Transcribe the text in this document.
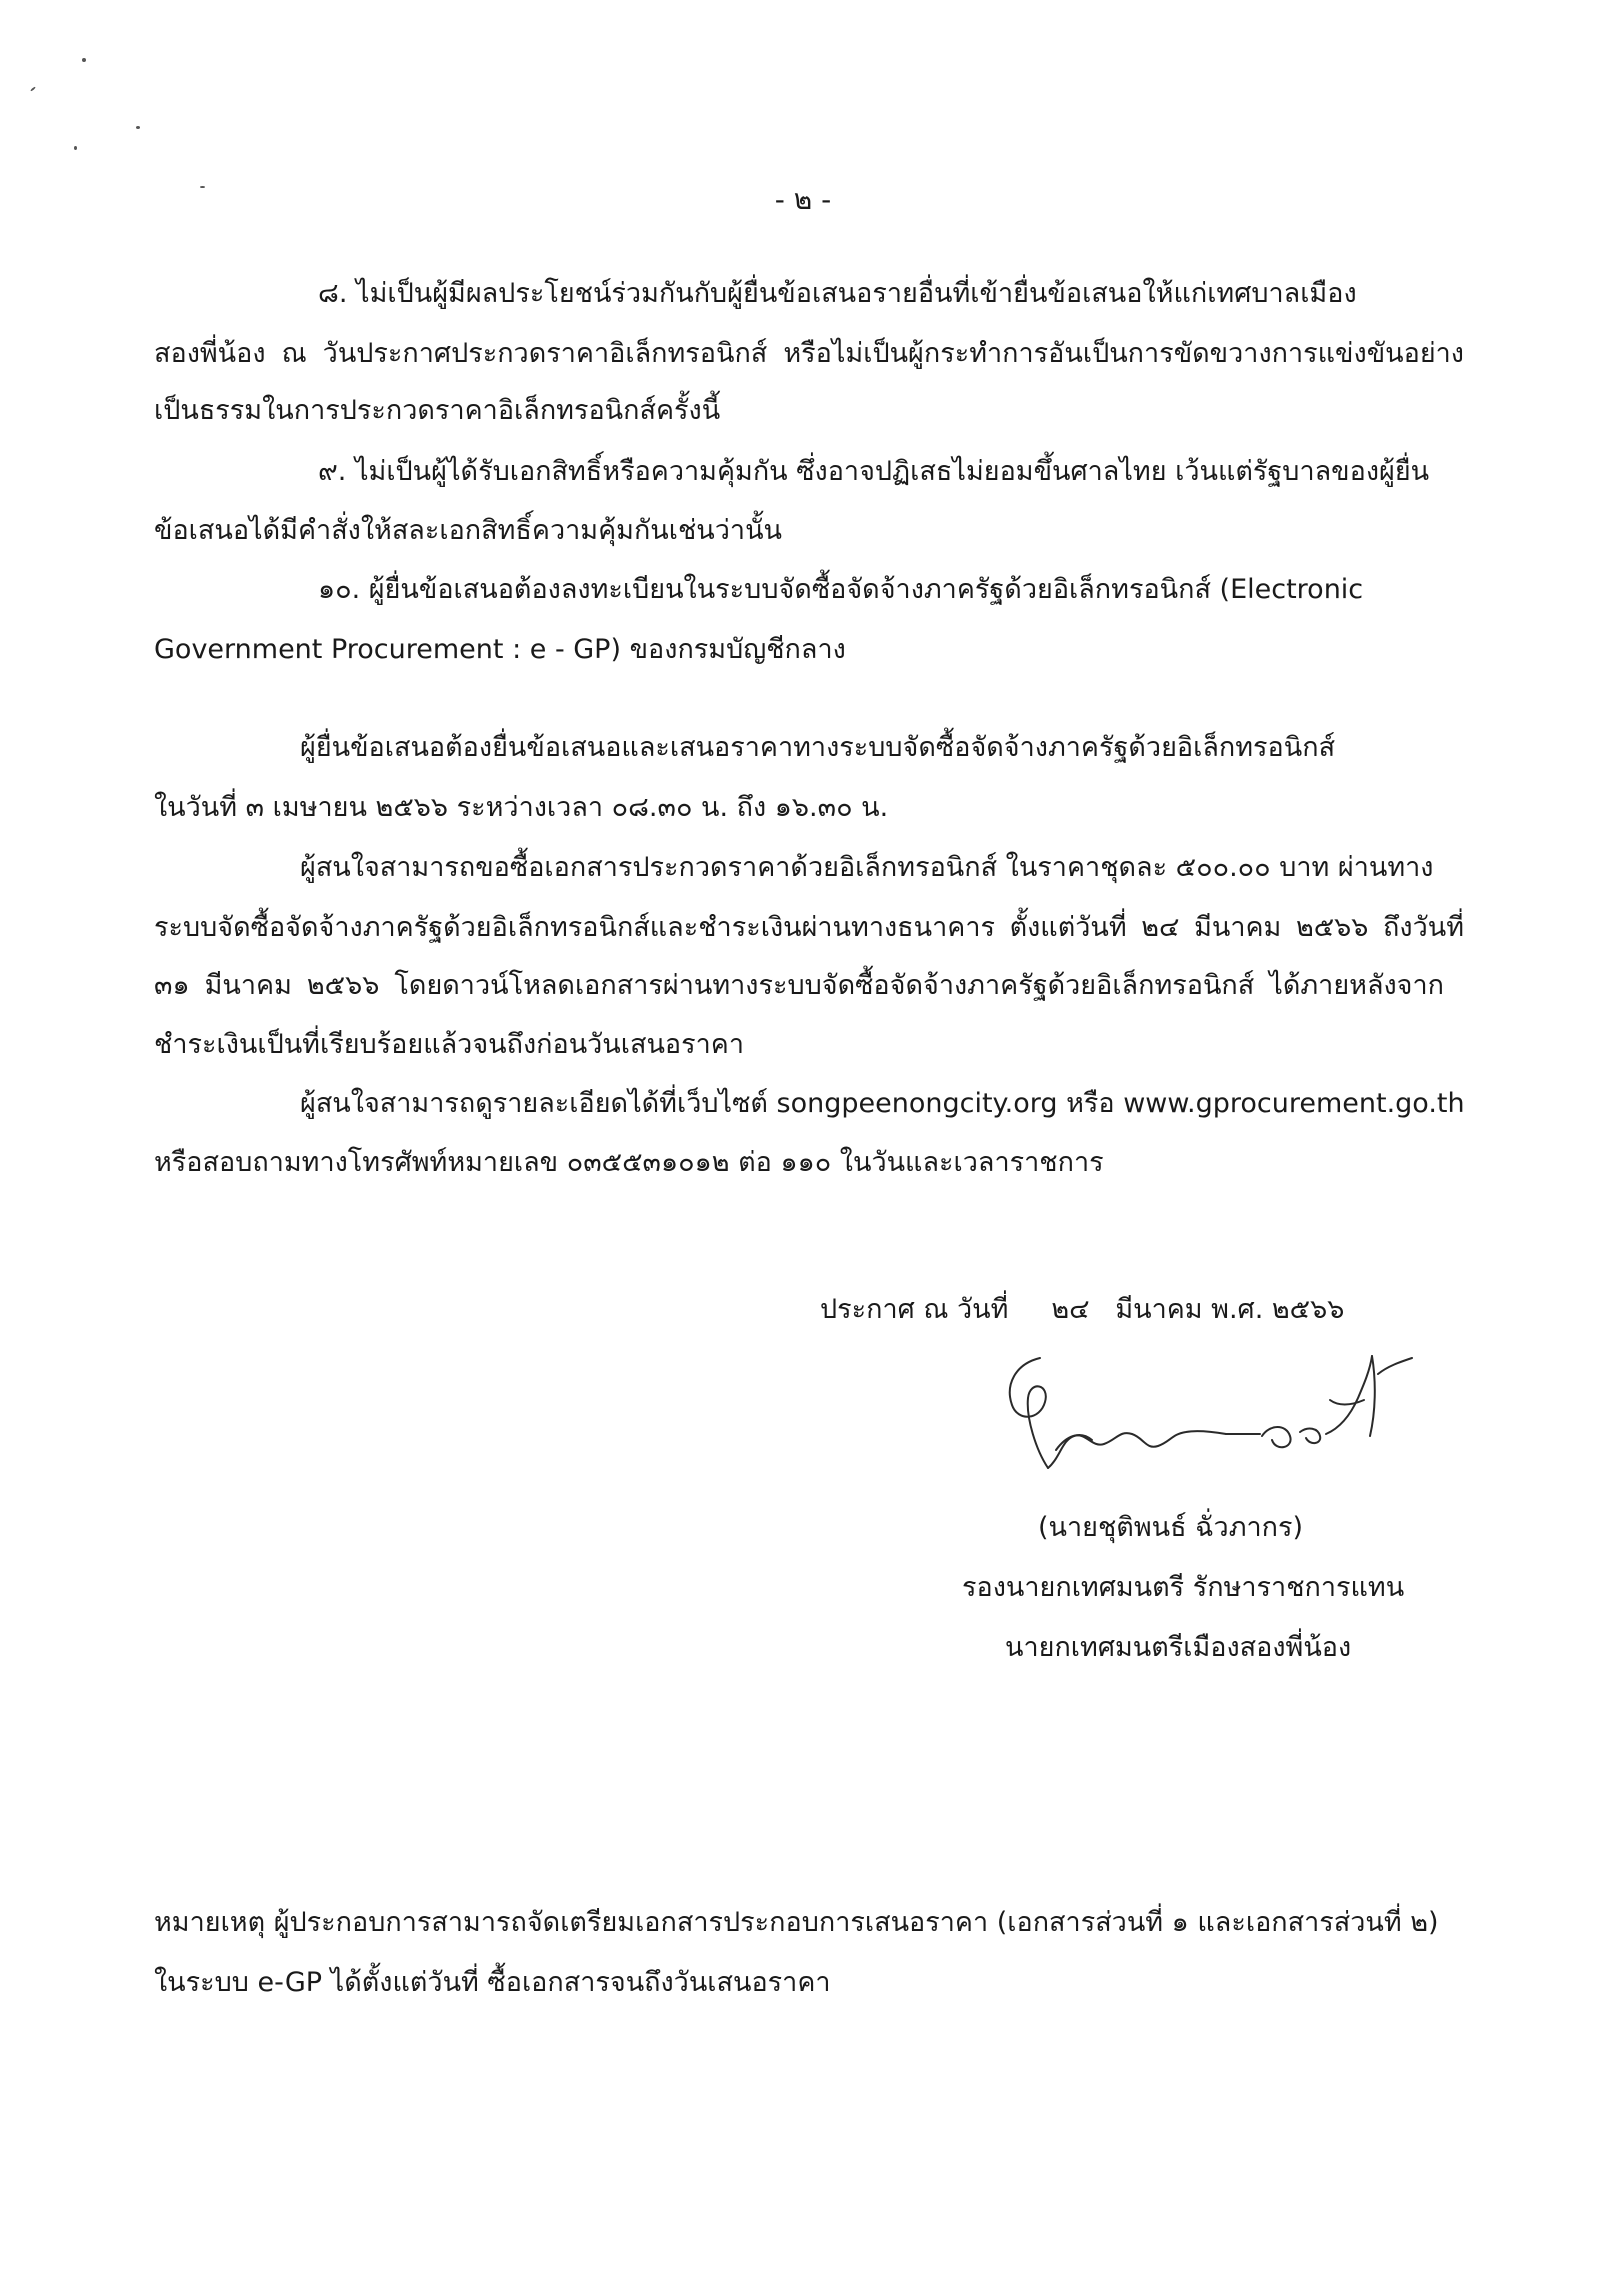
- ๒ -
๘. ไม่เป็นผู้มีผลประโยชน์ร่วมกันกับผู้ยื่นข้อเสนอรายอื่นที่เข้ายื่นข้อเสนอให้แก่เทศบาลเมือง
สองพี่น้อง ณ วันประกาศประกวดราคาอิเล็กทรอนิกส์ หรือไม่เป็นผู้กระทำการอันเป็นการขัดขวางการแข่งขันอย่าง
เป็นธรรมในการประกวดราคาอิเล็กทรอนิกส์ครั้งนี้
๙. ไม่เป็นผู้ได้รับเอกสิทธิ์หรือความคุ้มกัน ซึ่งอาจปฏิเสธไม่ยอมขึ้นศาลไทย เว้นแต่รัฐบาลของผู้ยื่น
ข้อเสนอได้มีคำสั่งให้สละเอกสิทธิ์ความคุ้มกันเช่นว่านั้น
๑๐. ผู้ยื่นข้อเสนอต้องลงทะเบียนในระบบจัดซื้อจัดจ้างภาครัฐด้วยอิเล็กทรอนิกส์ (Electronic
Government Procurement : e - GP) ของกรมบัญชีกลาง
ผู้ยื่นข้อเสนอต้องยื่นข้อเสนอและเสนอราคาทางระบบจัดซื้อจัดจ้างภาครัฐด้วยอิเล็กทรอนิกส์
ในวันที่ ๓ เมษายน ๒๕๖๖ ระหว่างเวลา ๐๘.๓๐ น. ถึง ๑๖.๓๐ น.
ผู้สนใจสามารถขอซื้อเอกสารประกวดราคาด้วยอิเล็กทรอนิกส์ ในราคาชุดละ ๕๐๐.๐๐ บาท ผ่านทาง
ระบบจัดซื้อจัดจ้างภาครัฐด้วยอิเล็กทรอนิกส์และชำระเงินผ่านทางธนาคาร ตั้งแต่วันที่ ๒๔ มีนาคม ๒๕๖๖ ถึงวันที่
๓๑ มีนาคม ๒๕๖๖ โดยดาวน์โหลดเอกสารผ่านทางระบบจัดซื้อจัดจ้างภาครัฐด้วยอิเล็กทรอนิกส์ ได้ภายหลังจาก
ชำระเงินเป็นที่เรียบร้อยแล้วจนถึงก่อนวันเสนอราคา
ผู้สนใจสามารถดูรายละเอียดได้ที่เว็บไซต์ songpeenongcity.org หรือ www.gprocurement.go.th
หรือสอบถามทางโทรศัพท์หมายเลข ๐๓๕๕๓๑๐๑๒ ต่อ ๑๑๐ ในวันและเวลาราชการ
ประกาศ ณ วันที่     ๒๔   มีนาคม พ.ศ. ๒๕๖๖
(นายชุติพนธ์ ฉั่วภากร)
รองนายกเทศมนตรี รักษาราชการแทน
นายกเทศมนตรีเมืองสองพี่น้อง
หมายเหตุ ผู้ประกอบการสามารถจัดเตรียมเอกสารประกอบการเสนอราคา (เอกสารส่วนที่ ๑ และเอกสารส่วนที่ ๒)
ในระบบ e-GP ได้ตั้งแต่วันที่ ซื้อเอกสารจนถึงวันเสนอราคา
